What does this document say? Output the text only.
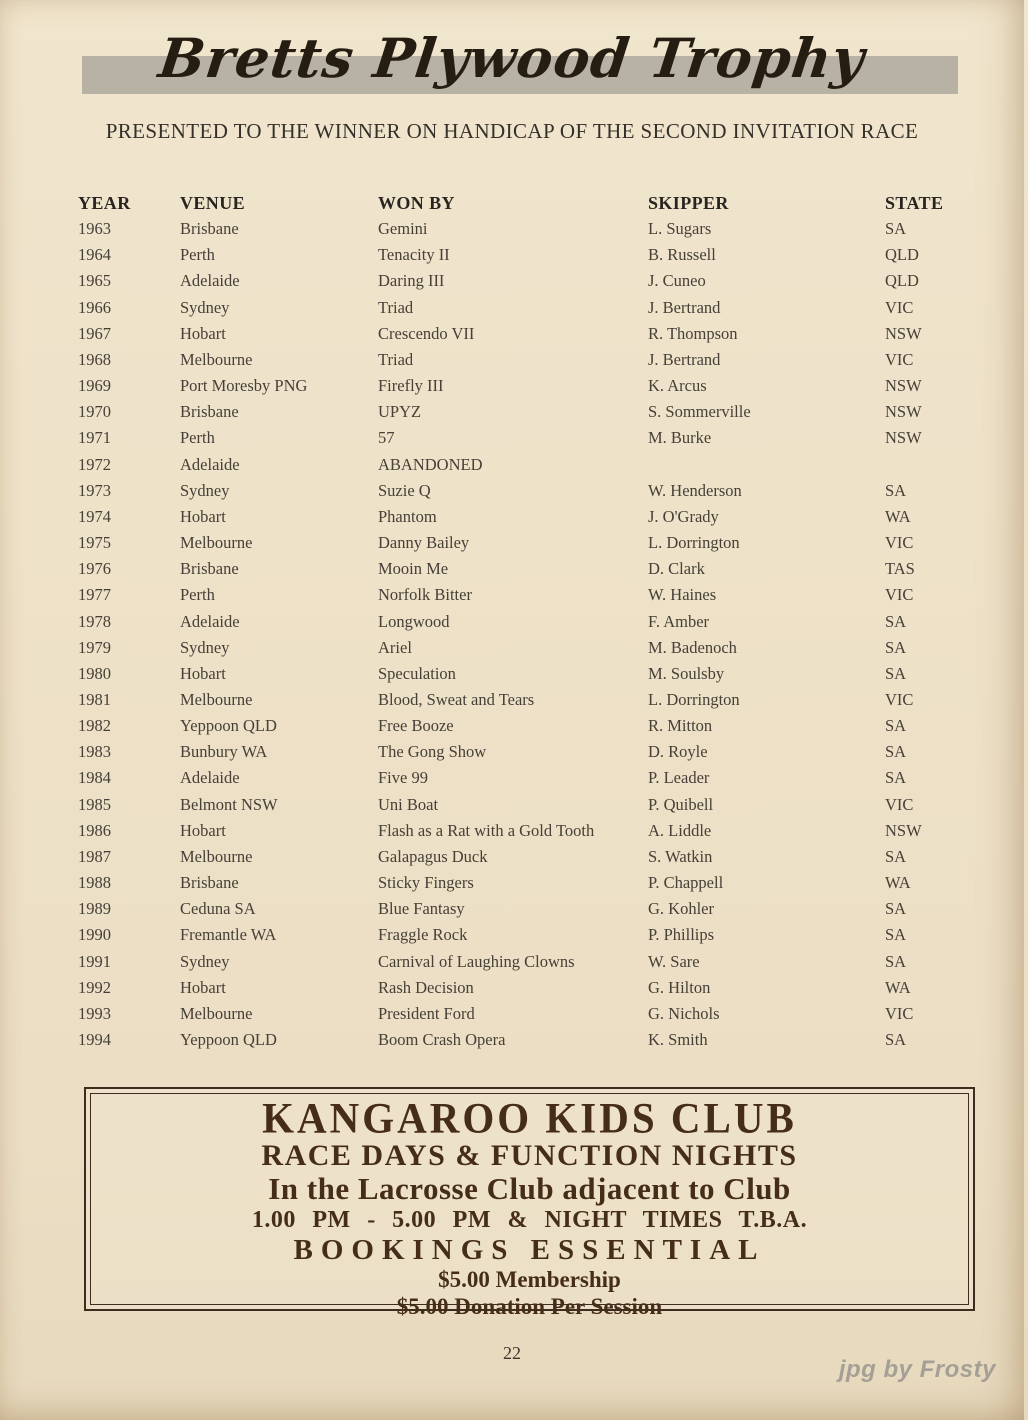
Bretts Plywood Trophy
PRESENTED TO THE WINNER ON HANDICAP OF THE SECOND INVITATION RACE
YEAR	VENUE	WON BY	SKIPPER	STATE
1963	Brisbane	Gemini	L. Sugars	SA
1964	Perth	Tenacity II	B. Russell	QLD
1965	Adelaide	Daring III	J. Cuneo	QLD
1966	Sydney	Triad	J. Bertrand	VIC
1967	Hobart	Crescendo VII	R. Thompson	NSW
1968	Melbourne	Triad	J. Bertrand	VIC
1969	Port Moresby PNG	Firefly III	K. Arcus	NSW
1970	Brisbane	UPYZ	S. Sommerville	NSW
1971	Perth	57	M. Burke	NSW
1972	Adelaide	ABANDONED
1973	Sydney	Suzie Q	W. Henderson	SA
1974	Hobart	Phantom	J. O'Grady	WA
1975	Melbourne	Danny Bailey	L. Dorrington	VIC
1976	Brisbane	Mooin Me	D. Clark	TAS
1977	Perth	Norfolk Bitter	W. Haines	VIC
1978	Adelaide	Longwood	F. Amber	SA
1979	Sydney	Ariel	M. Badenoch	SA
1980	Hobart	Speculation	M. Soulsby	SA
1981	Melbourne	Blood, Sweat and Tears	L. Dorrington	VIC
1982	Yeppoon QLD	Free Booze	R. Mitton	SA
1983	Bunbury WA	The Gong Show	D. Royle	SA
1984	Adelaide	Five 99	P. Leader	SA
1985	Belmont NSW	Uni Boat	P. Quibell	VIC
1986	Hobart	Flash as a Rat with a Gold Tooth	A. Liddle	NSW
1987	Melbourne	Galapagus Duck	S. Watkin	SA
1988	Brisbane	Sticky Fingers	P. Chappell	WA
1989	Ceduna SA	Blue Fantasy	G. Kohler	SA
1990	Fremantle WA	Fraggle Rock	P. Phillips	SA
1991	Sydney	Carnival of Laughing Clowns	W. Sare	SA
1992	Hobart	Rash Decision	G. Hilton	WA
1993	Melbourne	President Ford	G. Nichols	VIC
1994	Yeppoon QLD	Boom Crash Opera	K. Smith	SA
KANGAROO KIDS CLUB
RACE DAYS & FUNCTION NIGHTS
In the Lacrosse Club adjacent to Club
1.00 PM - 5.00 PM & NIGHT TIMES T.B.A.
BOOKINGS ESSENTIAL
$5.00 Membership
$5.00 Donation Per Session
22
jpg by Frosty
